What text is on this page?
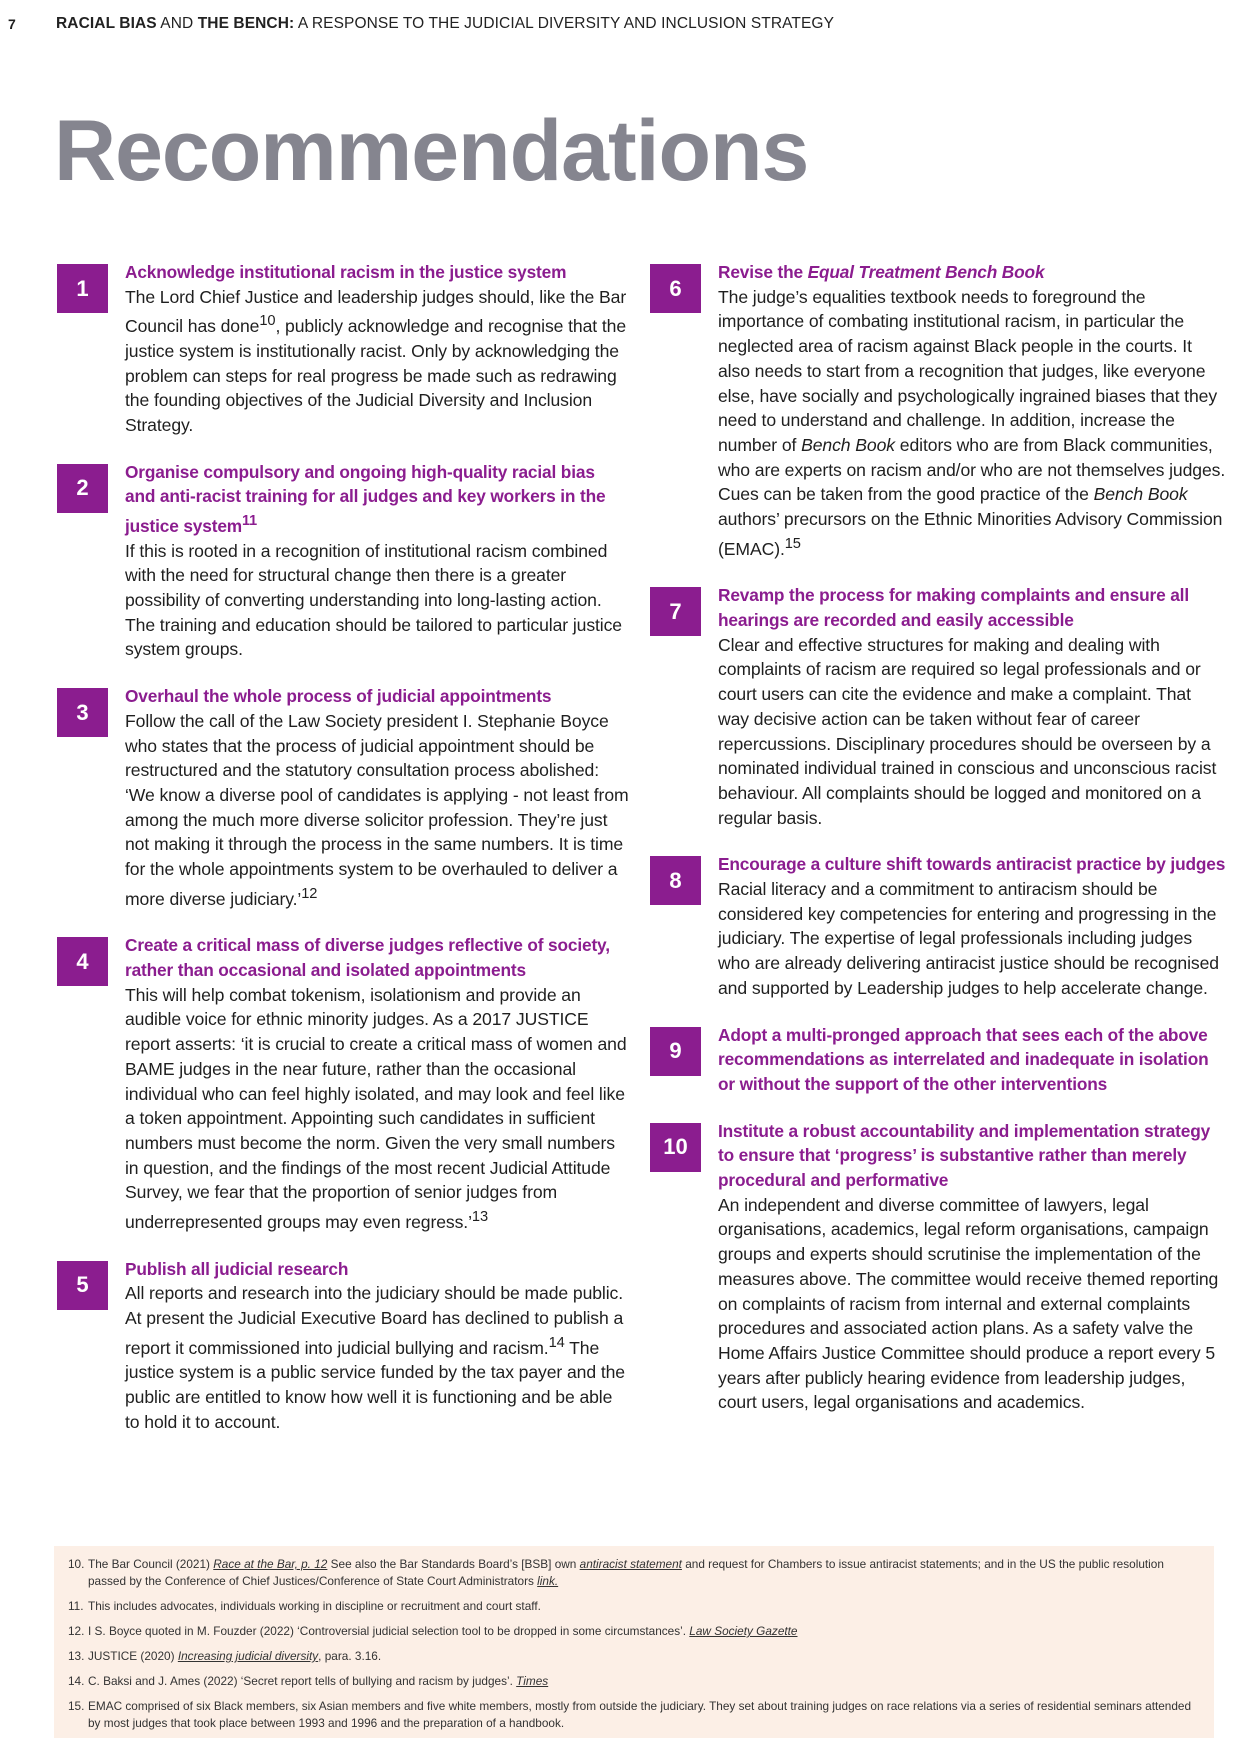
7	RACIAL BIAS AND THE BENCH: A RESPONSE TO THE JUDICIAL DIVERSITY AND INCLUSION STRATEGY
Recommendations
1
Acknowledge institutional racism in the justice system
The Lord Chief Justice and leadership judges should, like the Bar Council has done$^{10}$, publicly acknowledge and recognise that the justice system is institutionally racist. Only by acknowledging the problem can steps for real progress be made such as redrawing the founding objectives of the Judicial Diversity and Inclusion Strategy.
2
Organise compulsory and ongoing high-quality racial bias and anti-racist training for all judges and key workers in the justice system$^{11}$
If this is rooted in a recognition of institutional racism combined with the need for structural change then there is a greater possibility of converting understanding into long-lasting action. The training and education should be tailored to particular justice system groups.
3
Overhaul the whole process of judicial appointments
Follow the call of the Law Society president I. Stephanie Boyce who states that the process of judicial appointment should be restructured and the statutory consultation process abolished: ‘We know a diverse pool of candidates is applying - not least from among the much more diverse solicitor profession. They’re just not making it through the process in the same numbers. It is time for the whole appointments system to be overhauled to deliver a more diverse judiciary.’$^{12}$
4
Create a critical mass of diverse judges reflective of society, rather than occasional and isolated appointments
This will help combat tokenism, isolationism and provide an audible voice for ethnic minority judges. As a 2017 JUSTICE report asserts: ‘it is crucial to create a critical mass of women and BAME judges in the near future, rather than the occasional individual who can feel highly isolated, and may look and feel like a token appointment. Appointing such candidates in sufficient numbers must become the norm. Given the very small numbers in question, and the findings of the most recent Judicial Attitude Survey, we fear that the proportion of senior judges from underrepresented groups may even regress.’$^{13}$
5
Publish all judicial research
All reports and research into the judiciary should be made public. At present the Judicial Executive Board has declined to publish a report it commissioned into judicial bullying and racism.$^{14}$ The justice system is a public service funded by the tax payer and the public are entitled to know how well it is functioning and be able to hold it to account.
6
Revise the Equal Treatment Bench Book
The judge’s equalities textbook needs to foreground the importance of combating institutional racism, in particular the neglected area of racism against Black people in the courts. It also needs to start from a recognition that judges, like everyone else, have socially and psychologically ingrained biases that they need to understand and challenge. In addition, increase the number of Bench Book editors who are from Black communities, who are experts on racism and/or who are not themselves judges. Cues can be taken from the good practice of the Bench Book authors’ precursors on the Ethnic Minorities Advisory Commission (EMAC).$^{15}$
7
Revamp the process for making complaints and ensure all hearings are recorded and easily accessible
Clear and effective structures for making and dealing with complaints of racism are required so legal professionals and or court users can cite the evidence and make a complaint. That way decisive action can be taken without fear of career repercussions. Disciplinary procedures should be overseen by a nominated individual trained in conscious and unconscious racist behaviour. All complaints should be logged and monitored on a regular basis.
8
Encourage a culture shift towards antiracist practice by judges
Racial literacy and a commitment to antiracism should be considered key competencies for entering and progressing in the judiciary. The expertise of legal professionals including judges who are already delivering antiracist justice should be recognised and supported by Leadership judges to help accelerate change.
9
Adopt a multi-pronged approach that sees each of the above recommendations as interrelated and inadequate in isolation or without the support of the other interventions
10
Institute a robust accountability and implementation strategy to ensure that ‘progress’ is substantive rather than merely procedural and performative
An independent and diverse committee of lawyers, legal organisations, academics, legal reform organisations, campaign groups and experts should scrutinise the implementation of the measures above. The committee would receive themed reporting on complaints of racism from internal and external complaints procedures and associated action plans. As a safety valve the Home Affairs Justice Committee should produce a report every 5 years after publicly hearing evidence from leadership judges, court users, legal organisations and academics.
10. The Bar Council (2021) Race at the Bar, p. 12 See also the Bar Standards Board’s [BSB] own antiracist statement and request for Chambers to issue antiracist statements; and in the US the public resolution passed by the Conference of Chief Justices/Conference of State Court Administrators link.
11. This includes advocates, individuals working in discipline or recruitment and court staff.
12. I S. Boyce quoted in M. Fouzder (2022) ‘Controversial judicial selection tool to be dropped in some circumstances’. Law Society Gazette
13. JUSTICE (2020) Increasing judicial diversity, para. 3.16.
14. C. Baksi and J. Ames (2022) ‘Secret report tells of bullying and racism by judges’. Times
15. EMAC comprised of six Black members, six Asian members and five white members, mostly from outside the judiciary. They set about training judges on race relations via a series of residential seminars attended by most judges that took place between 1993 and 1996 and the preparation of a handbook.
